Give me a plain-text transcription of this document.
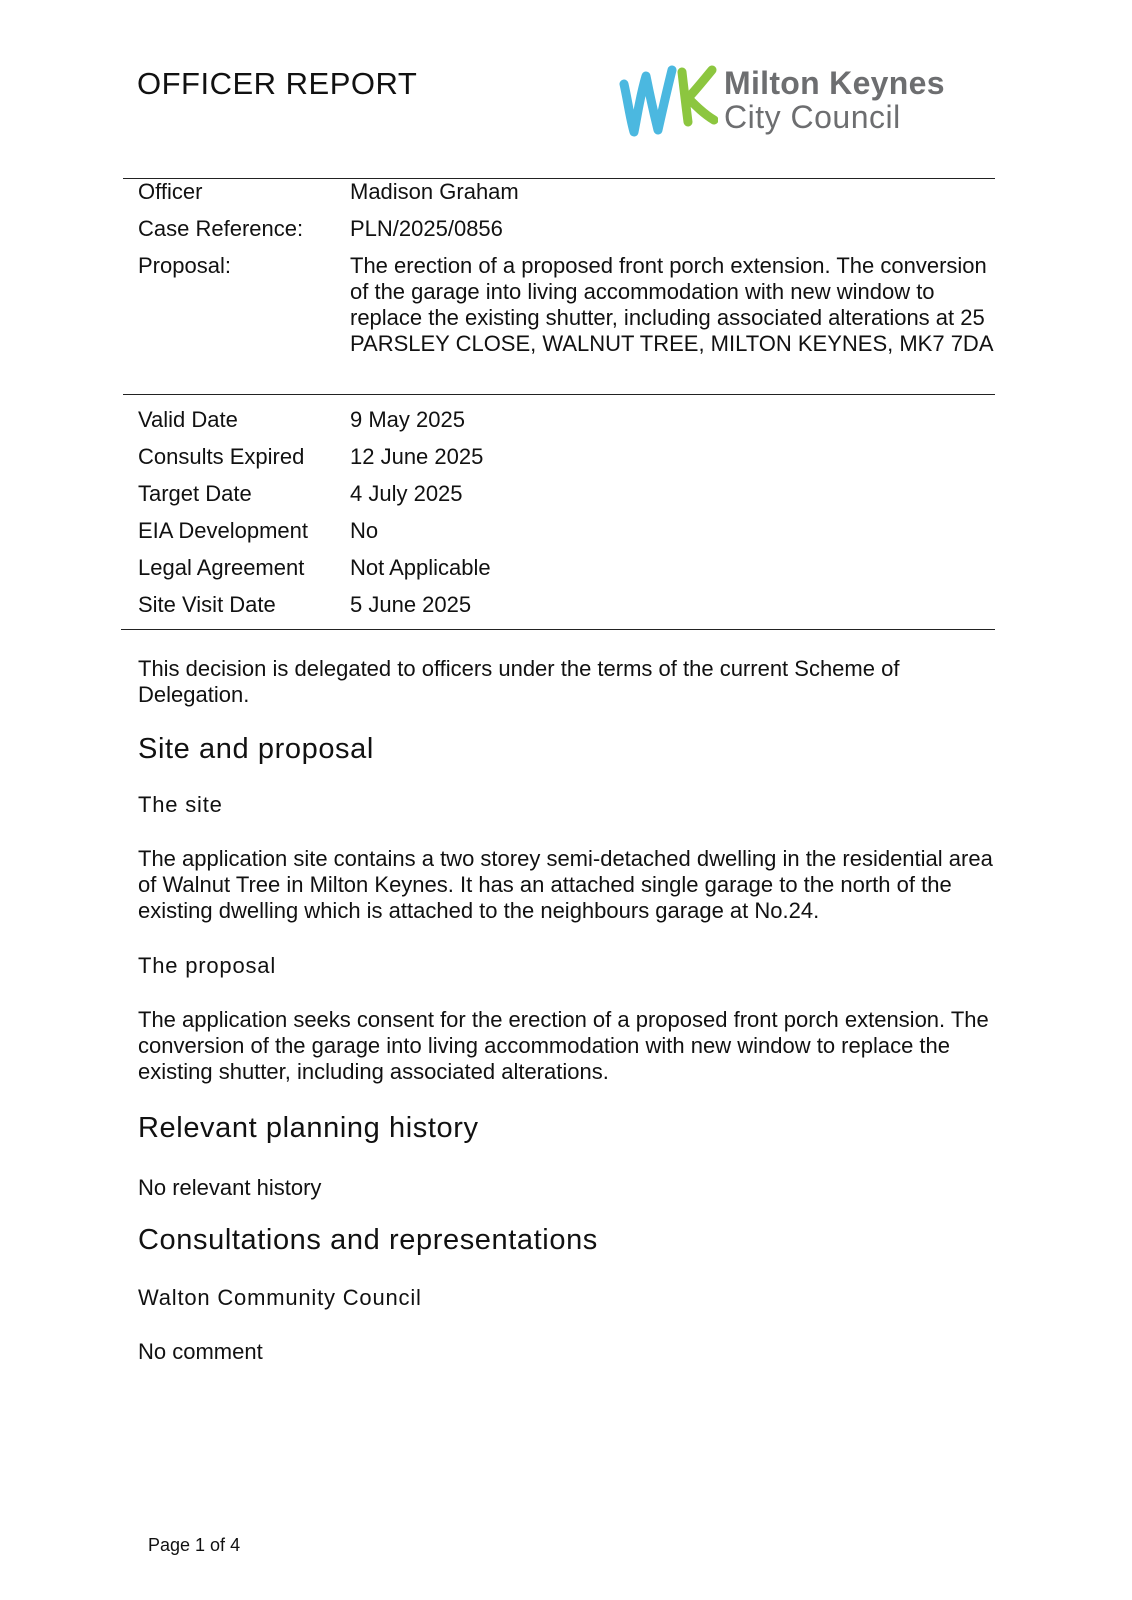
OFFICER REPORT	Milton Keynes
City Council
Officer	Madison Graham
Case Reference: PLN/2025/0856
Proposal:	The erection of a proposed front porch extension. The conversion of the garage into living accommodation with new window to replace the existing shutter, including associated alterations at 25 PARSLEY CLOSE, WALNUT TREE, MILTON KEYNES, MK7 7DA
Valid Date	9 May 2025
Consults Expired 12 June 2025
Target Date	4 July 2025
EIA Development No
Legal Agreement Not Applicable
Site Visit Date	5 June 2025
This decision is delegated to officers under the terms of the current Scheme of Delegation.
Site and proposal
The site
The application site contains a two storey semi-detached dwelling in the residential area of Walnut Tree in Milton Keynes. It has an attached single garage to the north of the existing dwelling which is attached to the neighbours garage at No.24.
The proposal
The application seeks consent for the erection of a proposed front porch extension. The conversion of the garage into living accommodation with new window to replace the existing shutter, including associated alterations.
Relevant planning history
No relevant history
Consultations and representations
Walton Community Council
No comment
Page 1 of 4
